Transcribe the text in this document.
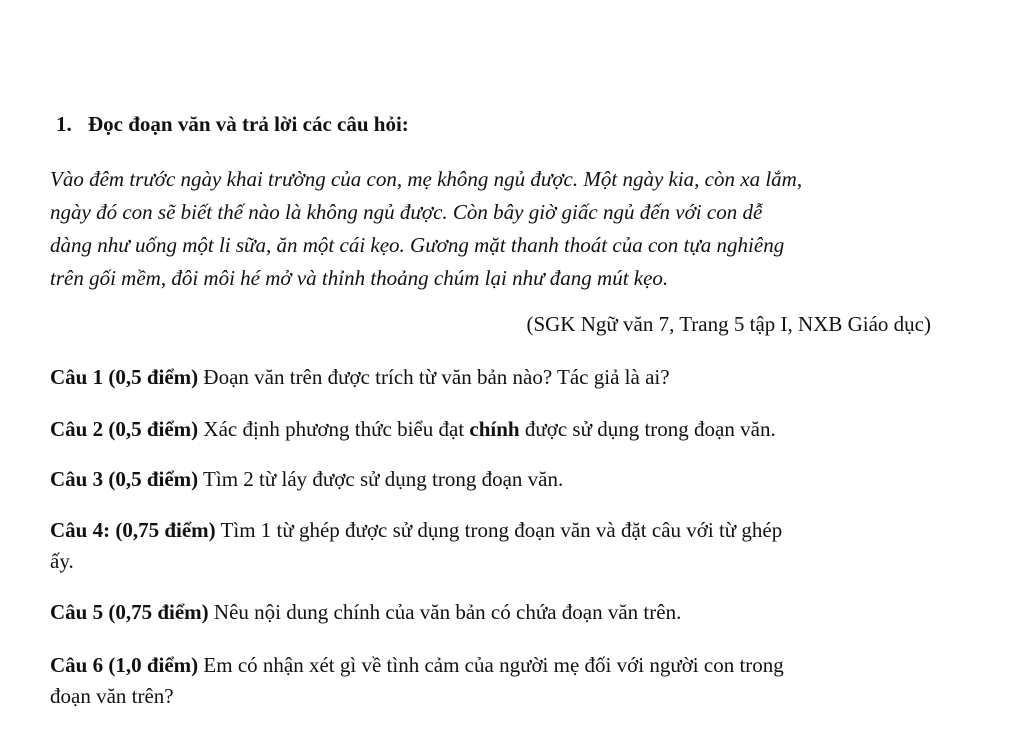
1. Đọc đoạn văn và trả lời các câu hỏi:
Vào đêm trước ngày khai trường của con, mẹ không ngủ được. Một ngày kia, còn xa lắm,
ngày đó con sẽ biết thế nào là không ngủ được. Còn bây giờ giấc ngủ đến với con dễ
dàng như uống một li sữa, ăn một cái kẹo. Gương mặt thanh thoát của con tựa nghiêng
trên gối mềm, đôi môi hé mở và thỉnh thoảng chúm lại như đang mút kẹo.
(SGK Ngữ văn 7, Trang 5 tập I, NXB Giáo dục)
Câu 1 (0,5 điểm) Đoạn văn trên được trích từ văn bản nào? Tác giả là ai?
Câu 2 (0,5 điểm) Xác định phương thức biểu đạt chính được sử dụng trong đoạn văn.
Câu 3 (0,5 điểm) Tìm 2 từ láy được sử dụng trong đoạn văn.
Câu 4: (0,75 điểm) Tìm 1 từ ghép được sử dụng trong đoạn văn và đặt câu với từ ghép
ấy.
Câu 5 (0,75 điểm) Nêu nội dung chính của văn bản có chứa đoạn văn trên.
Câu 6 (1,0 điểm) Em có nhận xét gì về tình cảm của người mẹ đối với người con trong
đoạn văn trên?
